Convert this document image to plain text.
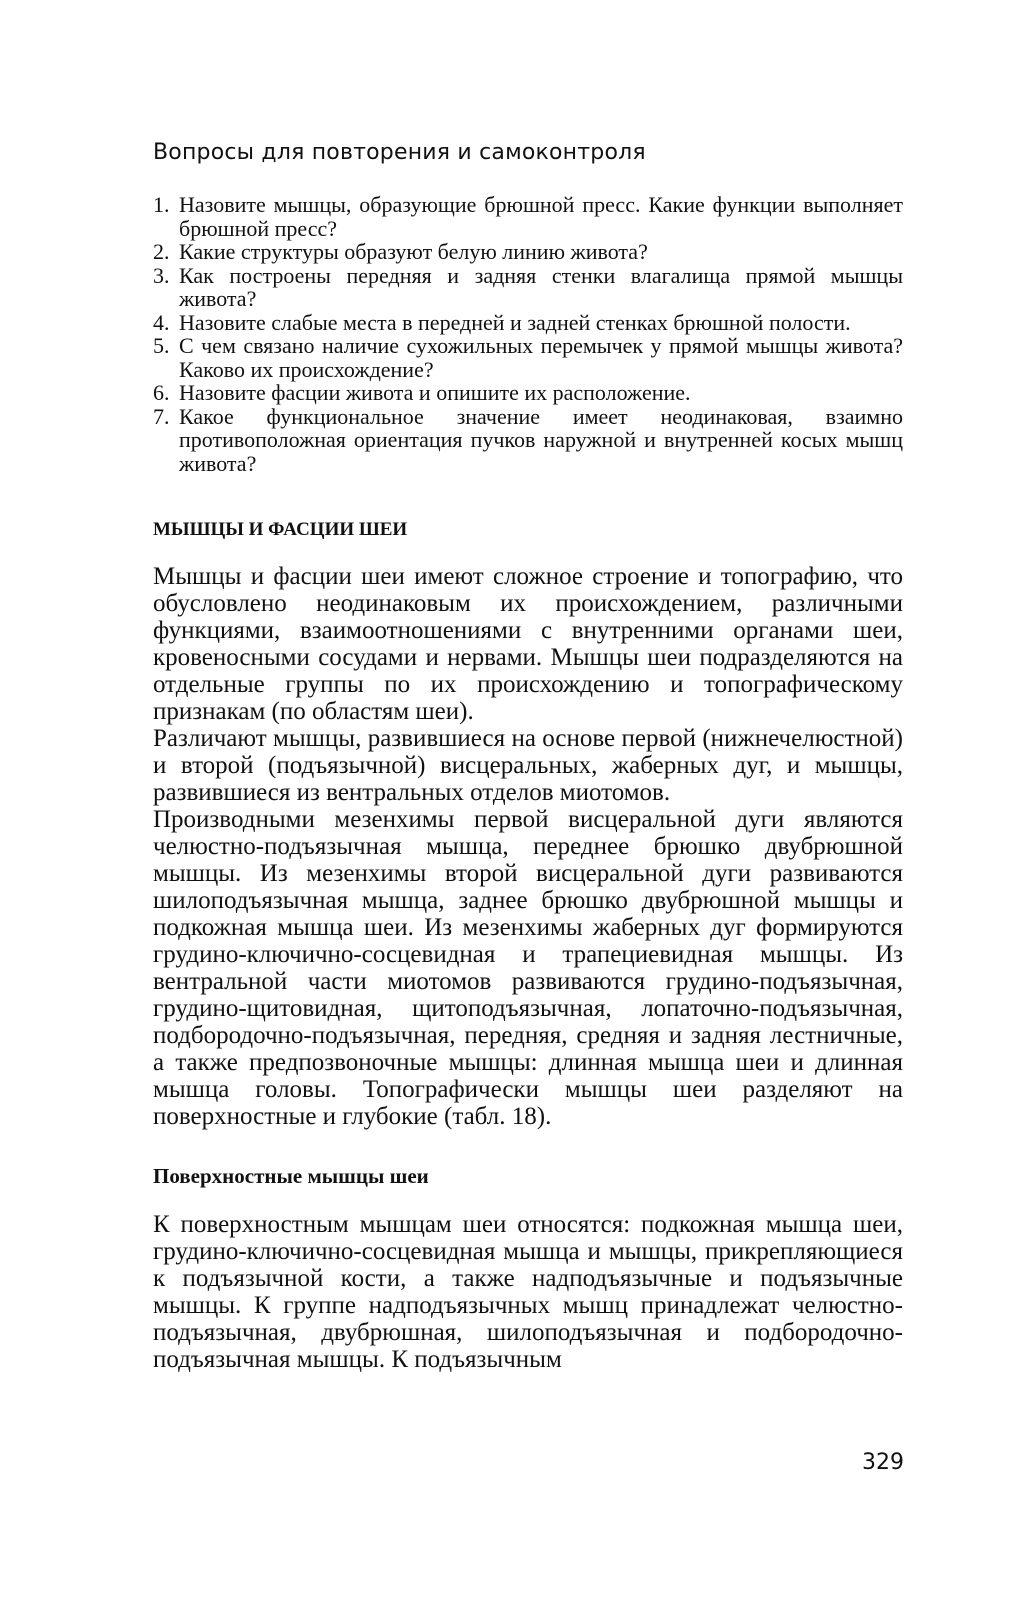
Вопросы для повторения и самоконтроля
1. Назовите мышцы, образующие брюшной пресс. Какие функции выполняет брюшной пресс?
2. Какие структуры образуют белую линию живота?
3. Как построены передняя и задняя стенки влагалища прямой мышцы живота?
4. Назовите слабые места в передней и задней стенках брюшной полости.
5. С чем связано наличие сухожильных перемычек у прямой мышцы живота? Каково их происхождение?
6. Назовите фасции живота и опишите их расположение.
7. Какое функциональное значение имеет неодинаковая, взаимно противоположная ориентация пучков наружной и внутренней косых мышц живота?
МЫШЦЫ И ФАСЦИИ ШЕИ

Мышцы и фасции шеи имеют сложное строение и топографию, что обусловлено неодинаковым их происхождением, различными функциями, взаимоотношениями с внутренними органами шеи, кровеносными сосудами и нервами. Мышцы шеи подразделяются на отдельные группы по их происхождению и топографическому признакам (по областям шеи).

Различают мышцы, развившиеся на основе первой (нижнечелюстной) и второй (подъязычной) висцеральных, жаберных дуг, и мышцы, развившиеся из вентральных отделов миотомов.

Производными мезенхимы первой висцеральной дуги являются челюстно-подъязычная мышца, переднее брюшко двубрюшной мышцы. Из мезенхимы второй висцеральной дуги развиваются шилоподъязычная мышца, заднее брюшко двубрюшной мышцы и подкожная мышца шеи. Из мезенхимы жаберных дуг формируются грудино-ключично-сосцевидная и трапециевидная мышцы. Из вентральной части миотомов развиваются грудино-подъязычная, грудино-щитовидная, щитоподъязычная, лопаточно-подъязычная, подбородочно-подъязычная, передняя, средняя и задняя лестничные, а также предпозвоночные мышцы: длинная мышца шеи и длинная мышца головы. Топографически мышцы шеи разделяют на поверхностные и глубокие (табл. 18).

Поверхностные мышцы шеи

К поверхностным мышцам шеи относятся: подкожная мышца шеи, грудино-ключично-сосцевидная мышца и мышцы, прикрепляющиеся к подъязычной кости, а также надподъязычные и подъязычные мышцы. К группе надподъязычных мышц принадлежат челюстно-подъязычная, двубрюшная, шилоподъязычная и подбородочно-подъязычная мышцы. К подъязычным

329
